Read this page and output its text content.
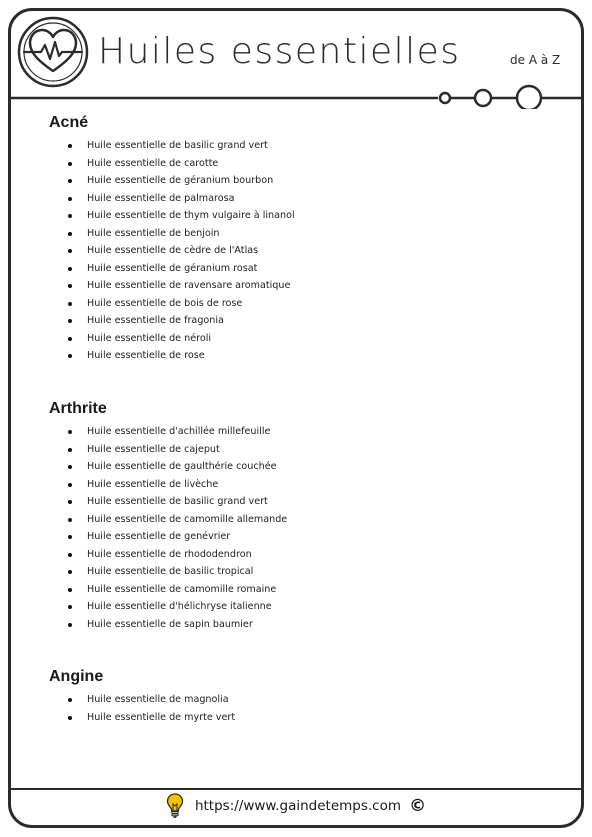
Huiles essentielles	de A à Z
Acné
Huile essentielle de basilic grand vert
Huile essentielle de carotte
Huile essentielle de géranium bourbon
Huile essentielle de palmarosa
Huile essentielle de thym vulgaire à linanol
Huile essentielle de benjoin
Huile essentielle de cèdre de l'Atlas
Huile essentielle de géranium rosat
Huile essentielle de ravensare aromatique
Huile essentielle de bois de rose
Huile essentielle de fragonia
Huile essentielle de néroli
Huile essentielle de rose
Arthrite
Huile essentielle d'achillée millefeuille
Huile essentielle de cajeput
Huile essentielle de gaulthérie couchée
Huile essentielle de livèche
Huile essentielle de basilic grand vert
Huile essentielle de camomille allemande
Huile essentielle de genévrier
Huile essentielle de rhododendron
Huile essentielle de basilic tropical
Huile essentielle de camomille romaine
Huile essentielle d'hélichryse italienne
Huile essentielle de sapin baumier
Angine
Huile essentielle de magnolia
Huile essentielle de myrte vert
https://www.gaindetemps.com ©
